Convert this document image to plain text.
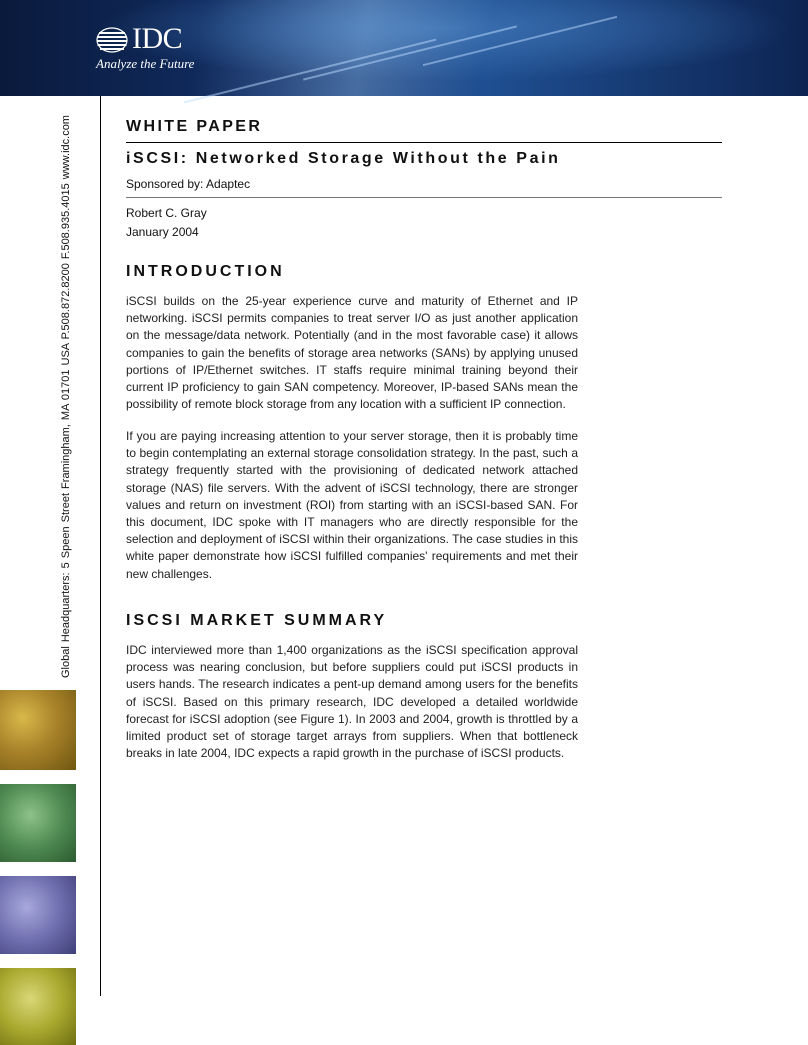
IDC
Analyze the Future
Global Headquarters: 5 Speen Street Framingham, MA 01701 USA P.508.872.8200 F.508.935.4015 www.idc.com	WHITE PAPER
iSCSI: Networked Storage Without the Pain
Sponsored by: Adaptec
Robert C. Gray
January 2004
INTRODUCTION

iSCSI builds on the 25-year experience curve and maturity of Ethernet and IP networking. iSCSI permits companies to treat server I/O as just another application on the message/data network. Potentially (and in the most favorable case) it allows companies to gain the benefits of storage area networks (SANs) by applying unused portions of IP/Ethernet switches. IT staffs require minimal training beyond their current IP proficiency to gain SAN competency. Moreover, IP-based SANs mean the possibility of remote block storage from any location with a sufficient IP connection.

If you are paying increasing attention to your server storage, then it is probably time to begin contemplating an external storage consolidation strategy. In the past, such a strategy frequently started with the provisioning of dedicated network attached storage (NAS) file servers. With the advent of iSCSI technology, there are stronger values and return on investment (ROI) from starting with an iSCSI-based SAN. For this document, IDC spoke with IT managers who are directly responsible for the selection and deployment of iSCSI within their organizations. The case studies in this white paper demonstrate how iSCSI fulfilled companies' requirements and met their new challenges.

ISCSI MARKET SUMMARY

IDC interviewed more than 1,400 organizations as the iSCSI specification approval process was nearing conclusion, but before suppliers could put iSCSI products in users hands. The research indicates a pent-up demand among users for the benefits of iSCSI. Based on this primary research, IDC developed a detailed worldwide forecast for iSCSI adoption (see Figure 1). In 2003 and 2004, growth is throttled by a limited product set of storage target arrays from suppliers. When that bottleneck breaks in late 2004, IDC expects a rapid growth in the purchase of iSCSI products.
